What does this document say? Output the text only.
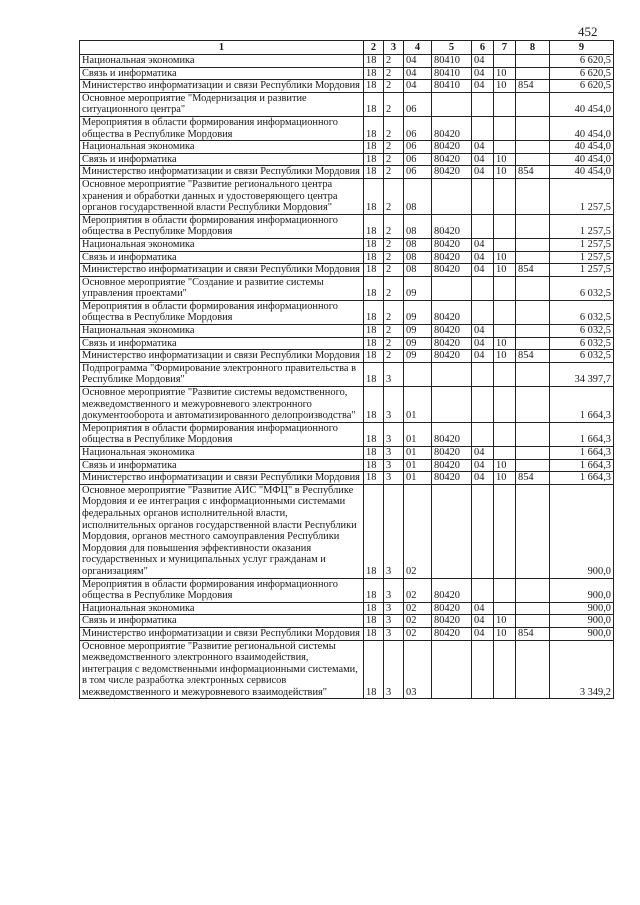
452
1	2	3	4	5	6	7	8	9
Национальная экономика	18	2	04	80410	04			6 620,5
Связь и информатика	18	2	04	80410	04	10		6 620,5
Министерство информатизации и связи Республики Мордовия	18	2	04	80410	04	10	854	6 620,5
Основное мероприятие "Модернизация и развитие ситуационного центра"	18	2	06					40 454,0
Мероприятия в области формирования информационного общества в Республике Мордовия	18	2	06	80420				40 454,0
Национальная экономика	18	2	06	80420	04			40 454,0
Связь и информатика	18	2	06	80420	04	10		40 454,0
Министерство информатизации и связи Республики Мордовия	18	2	06	80420	04	10	854	40 454,0
Основное мероприятие "Развитие регионального центра хранения и обработки данных и удостоверяющего центра органов государственной власти Республики Мордовия"	18	2	08					1 257,5
Мероприятия в области формирования информационного общества в Республике Мордовия	18	2	08	80420				1 257,5
Национальная экономика	18	2	08	80420	04			1 257,5
Связь и информатика	18	2	08	80420	04	10		1 257,5
Министерство информатизации и связи Республики Мордовия	18	2	08	80420	04	10	854	1 257,5
Основное мероприятие "Создание и развитие системы управления проектами"	18	2	09					6 032,5
Мероприятия в области формирования информационного общества в Республике Мордовия	18	2	09	80420				6 032,5
Национальная экономика	18	2	09	80420	04			6 032,5
Связь и информатика	18	2	09	80420	04	10		6 032,5
Министерство информатизации и связи Республики Мордовия	18	2	09	80420	04	10	854	6 032,5
Подпрограмма "Формирование электронного правительства в Республике Мордовия"	18	3						34 397,7
Основное мероприятие "Развитие системы ведомственного, межведомственного и межуровневого электронного документооборота и автоматизированного делопроизводства"	18	3	01					1 664,3
Мероприятия в области формирования информационного общества в Республике Мордовия	18	3	01	80420				1 664,3
Национальная экономика	18	3	01	80420	04			1 664,3
Связь и информатика	18	3	01	80420	04	10		1 664,3
Министерство информатизации и связи Республики Мордовия	18	3	01	80420	04	10	854	1 664,3
Основное мероприятие "Развитие АИС "МФЦ" в Республике Мордовия и ее интеграция с информационными системами федеральных органов исполнительной власти, исполнительных органов государственной власти Республики Мордовия, органов местного самоуправления Республики Мордовия для повышения эффективности оказания государственных и муниципальных услуг гражданам и организациям"	18	3	02					900,0
Мероприятия в области формирования информационного общества в Республике Мордовия	18	3	02	80420				900,0
Национальная экономика	18	3	02	80420	04			900,0
Связь и информатика	18	3	02	80420	04	10		900,0
Министерство информатизации и связи Республики Мордовия	18	3	02	80420	04	10	854	900,0
Основное мероприятие "Развитие региональной системы межведомственного электронного взаимодействия, интеграция с ведомственными информационными системами, в том числе разработка электронных сервисов межведомственного и межуровневого взаимодействия"	18	3	03					3 349,2
